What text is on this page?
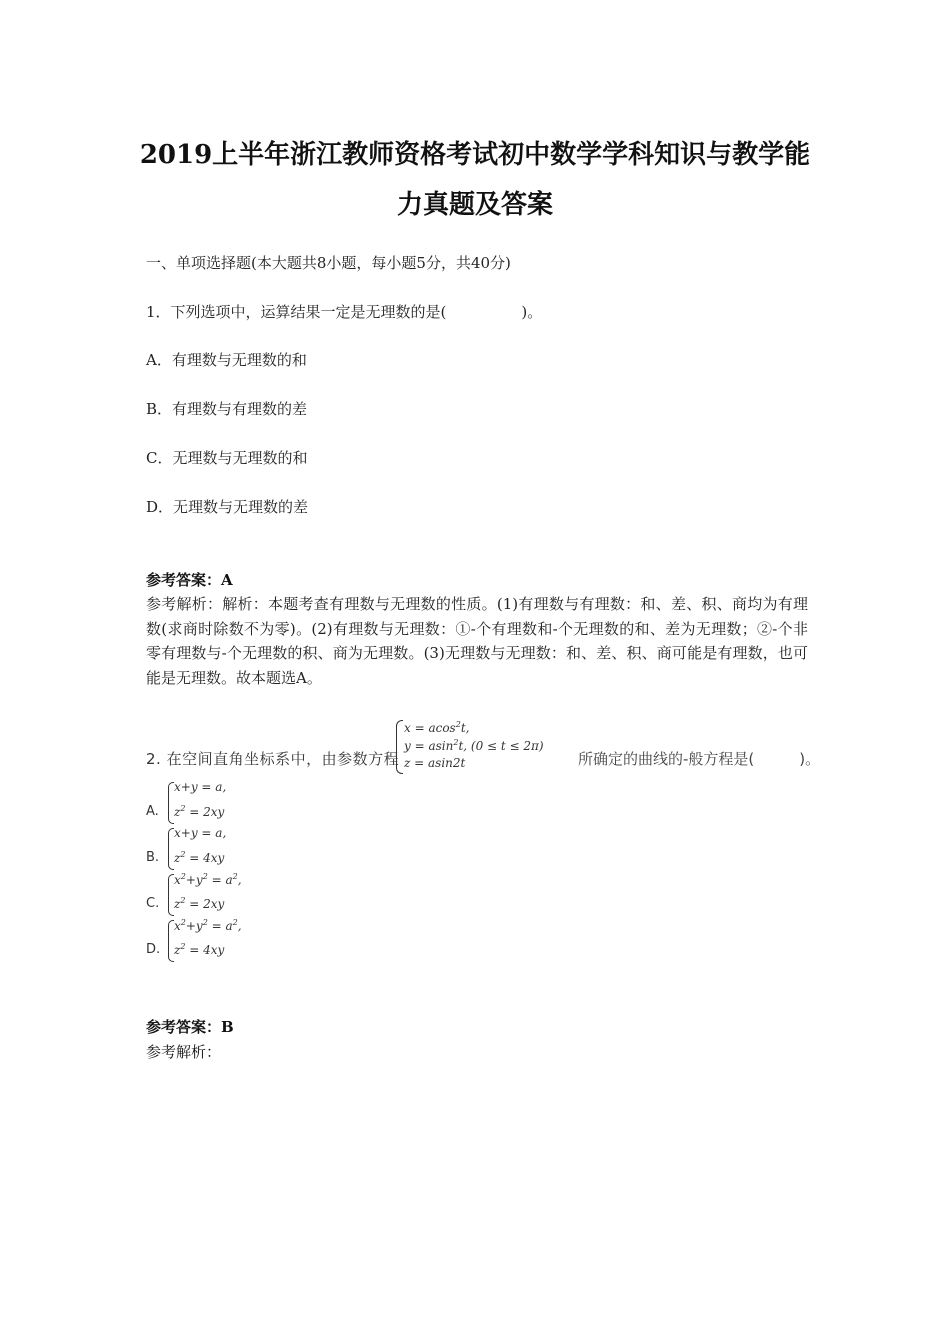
2019上半年浙江教师资格考试初中数学学科知识与教学能
力真题及答案
一、单项选择题(本大题共8小题，每小题5分，共40分)
1．下列选项中，运算结果一定是无理数的是(　　　　　)。
A．有理数与无理数的和
B．有理数与有理数的差
C．无理数与无理数的和
D．无理数与无理数的差
参考答案：A
参考解析：解析：本题考查有理数与无理数的性质。(1)有理数与有理数：和、差、积、商均为有理数(求商时除数不为零)。(2)有理数与无理数：①-个有理数和-个无理数的和、差为无理数；②-个非零有理数与-个无理数的积、商为无理数。(3)无理数与无理数：和、差、积、商可能是有理数，也可能是无理数。故本题选A。
2. 在空间直角坐标系中，由参数方程
x = acos$^2$t,
y = asin$^2$t, (0 ≤ t ≤ 2π)
z = asin2t	所确定的曲线的-般方程是(　　　)。
A.
x+y = a,
$z^2 = 2xy$
B.
x+y = a,
$z^2 = 4xy$
C.
$x^2+y^2 = a^2$,
$z^2 = 2xy$
D.
$x^2+y^2 = a^2$,
$z^2 = 4xy$
参考答案：B
参考解析：
